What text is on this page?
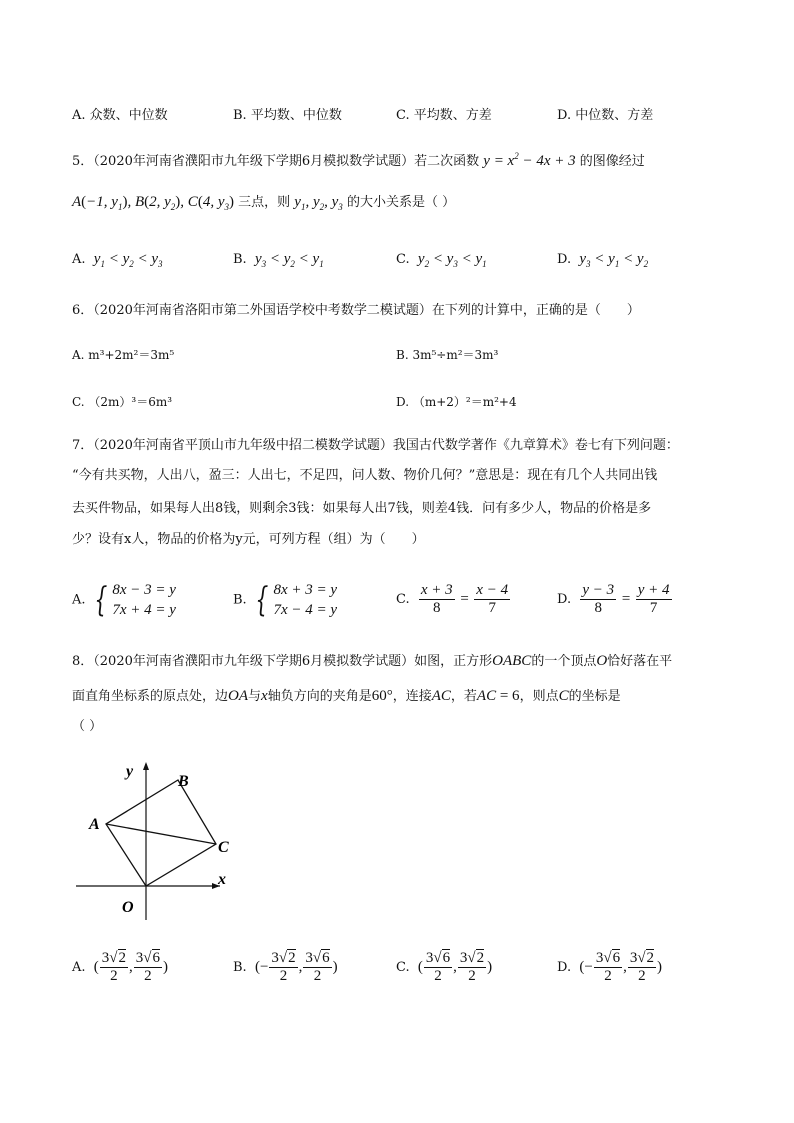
A. 众数、中位数	B. 平均数、中位数	C. 平均数、方差	D. 中位数、方差
5．（2020年河南省濮阳市九年级下学期6月模拟数学试题）若二次函数 $y = x^2 - 4x + 3$ 的图像经过
A(−1, $y_1$), B(2, $y_2$), C(4, $y_3$) 三点，则 $y_1$, $y_2$, $y_3$ 的大小关系是（ ）
A. $y_1 < y_2 < y_3$	B. $y_3 < y_2 < y_1$	C. $y_2 < y_3 < y_1$	D. $y_3 < y_1 < y_2$
6．（2020年河南省洛阳市第二外国语学校中考数学二模试题）在下列的计算中，正确的是（　　）
A. m³+2m²＝3m⁵	B. 3m⁵÷m²＝3m³
C. （2m）³＝6m³	D. （m+2）²＝m²+4
7．（2020年河南省平顶山市九年级中招二模数学试题）我国古代数学著作《九章算术》卷七有下列问题：
“今有共买物，人出八，盈三：人出七，不足四，问人数、物价几何？”意思是：现在有几个人共同出钱
去买件物品，如果每人出8钱，则剩余3钱：如果每人出7钱，则差4钱．问有多少人，物品的价格是多
少？设有x人，物品的价格为y元，可列方程（组）为（　　）
A. { 8x − 3 = y
7x + 4 = y
B. { 8x + 3 = y
7x − 4 = y
C. $\frac{x + 3}{8} = \frac{x - 4}{7}$	D. $\frac{y - 3}{8} = \frac{y + 4}{7}$
8．（2020年河南省濮阳市九年级下学期6月模拟数学试题）如图，正方形OABC的一个顶点O恰好落在平
面直角坐标系的原点处，边OA与x轴负方向的夹角是60°，连接AC，若AC = 6，则点C的坐标是
（ ）
y
x
O
A
B
C
A. ( $\frac{3√2}{2}$ , $\frac{3√6}{2}$ )	B. (− $\frac{3√2}{2}$ , $\frac{3√6}{2}$ )	C. ( $\frac{3√6}{2}$ , $\frac{3√2}{2}$ )	D. (− $\frac{3√6}{2}$ , $\frac{3√2}{2}$ )
